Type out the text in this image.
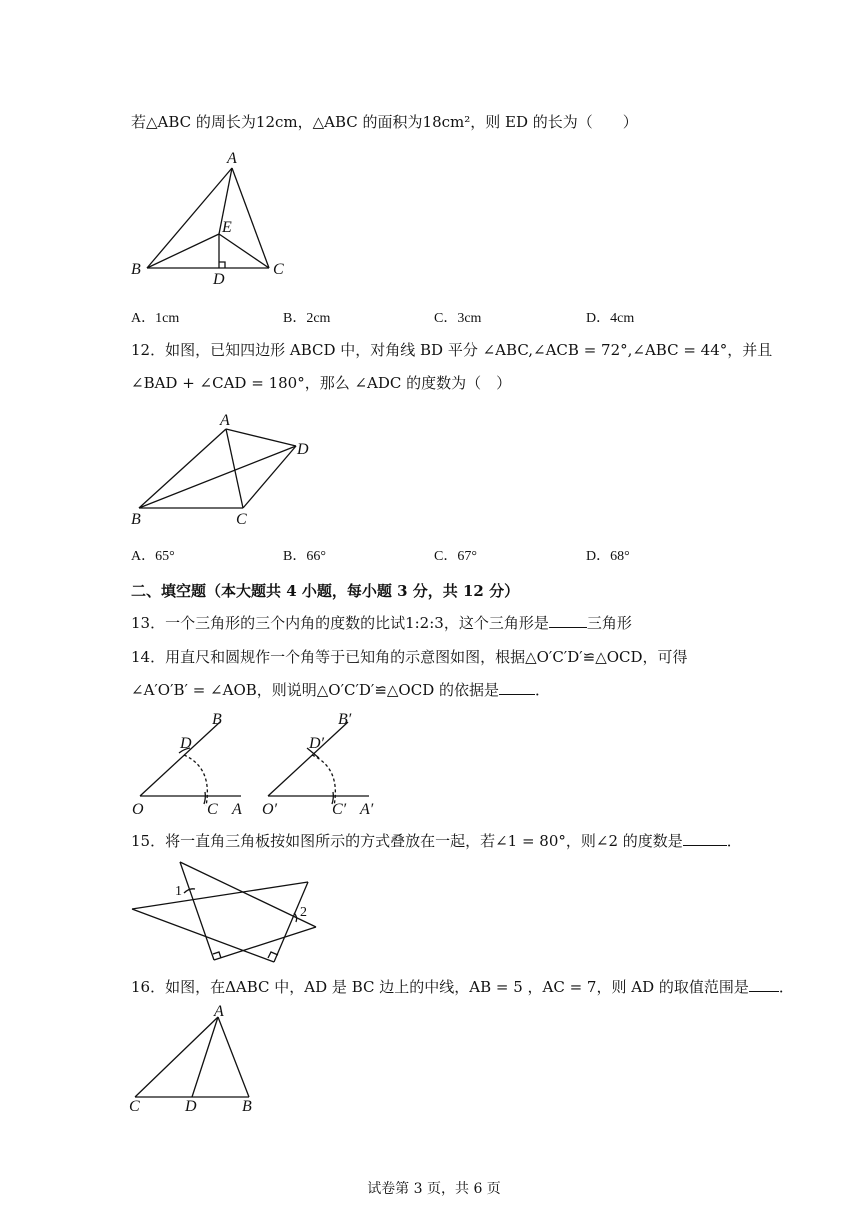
若△ABC 的周长为12cm，△ABC 的面积为18cm²，则 ED 的长为（　　）
A
E
B	C
D
A．1cm	B．2cm	C．3cm	D．4cm
12．如图，已知四边形 ABCD 中，对角线 BD 平分 ∠ABC,∠ACB = 72°,∠ABC = 44°，并且
∠BAD + ∠CAD = 180°，那么 ∠ADC 的度数为（　）
A
D
B	C
A．65°	B．66°	C．67°	D．68°
二、填空题（本大题共 4 小题，每小题 3 分，共 12 分）
13．一个三角形的三个内角的度数的比试1:2:3，这个三角形是	三角形
14．用直尺和圆规作一个角等于已知角的示意图如图，根据△O′C′D′≌△OCD，可得
∠A′O′B′ = ∠AOB，则说明△O′C′D′≌△OCD 的依据是 ．
B
D
O	C A
B′
D′
O′	C′ A′
15．将一直角三角板按如图所示的方式叠放在一起，若∠1 = 80°，则∠2 的度数是	．
1
2
16．如图，在ΔABC 中，AD 是 BC 边上的中线，AB = 5 ，AC = 7，则 AD 的取值范围是 ．
A
C	D	B
试卷第 3 页，共 6 页
